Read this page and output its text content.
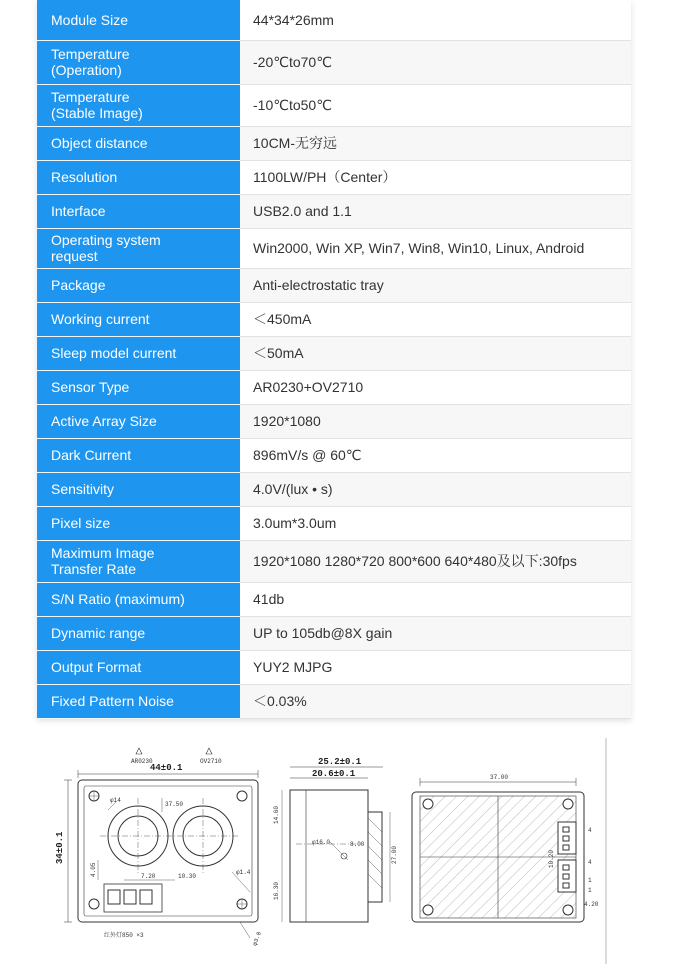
Module Size	44*34*26mm
Temperature
(Operation)	-20℃to70℃
Temperature
(Stable Image)	-10℃to50℃
Object distance	10CM-无穷远
Resolution	1100LW/PH（Center）
Interface	USB2.0 and 1.1
Operating system
request	Win2000, Win XP, Win7, Win8, Win10, Linux, Android
Package	Anti-electrostatic tray
Working current	＜450mA
Sleep model current	＜50mA
Sensor Type	AR0230+OV2710
Active Array Size	1920*1080
Dark Current	896mV/s @ 60℃
Sensitivity	4.0V/(lux • s)
Pixel size	3.0um*3.0um
Maximum Image
Transfer Rate	1920*1080 1280*720 800*600 640*480及以下:30fps
S/N Ratio (maximum)	41db
Dynamic range	UP to 105db@8X gain
Output Format	YUY2 MJPG
Fixed Pattern Noise	＜0.03%
44±0.1
34±0.1
AR0230	OV2710
37.50
7.20	10.30
4.05
φ14
φ1.4
红外灯850 ×3	φ3.0
25.2±0.1
20.6±0.1
14.60
φ16.0	8.00
16.30
27.00
37.00
4
4
1
1
4.20
10.20
